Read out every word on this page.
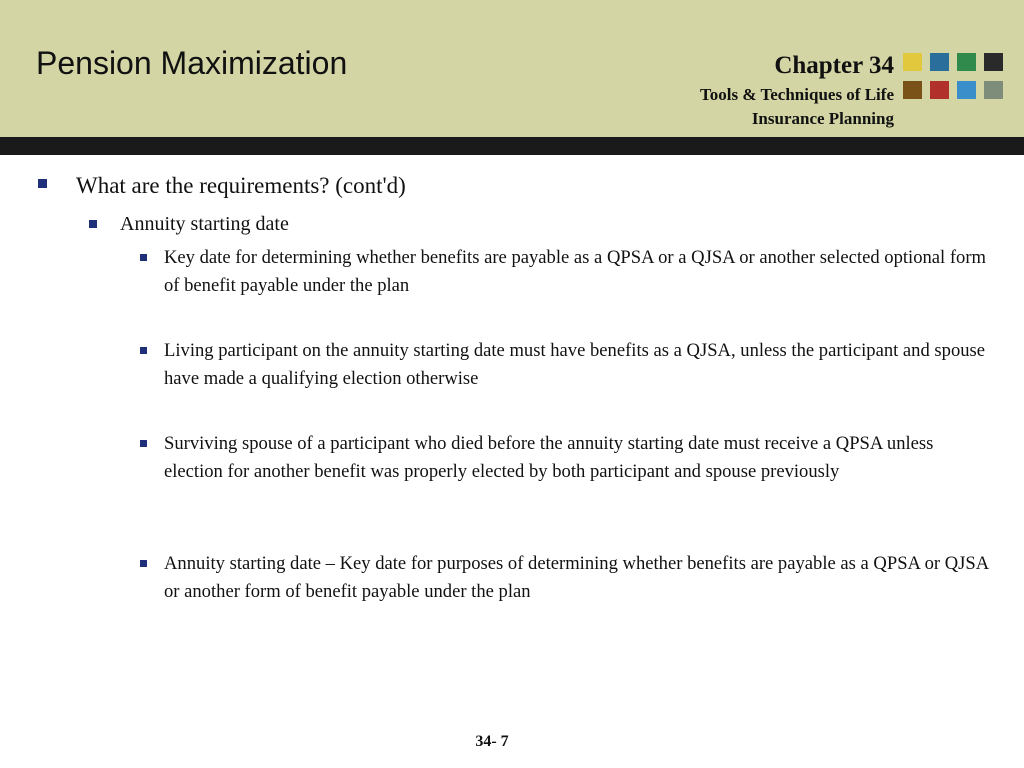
Pension Maximization	Chapter 34
Tools & Techniques of Life
Insurance Planning
What are the requirements? (cont'd)
Annuity starting date
Key date for determining whether benefits are payable as a QPSA or a QJSA or another selected optional form of benefit payable under the plan
Living participant on the annuity starting date must have benefits as a QJSA, unless the participant and spouse have made a qualifying election otherwise
Surviving spouse of a participant who died before the annuity starting date must receive a QPSA unless election for another benefit was properly elected by both participant and spouse previously
Annuity starting date – Key date for purposes of determining whether benefits are payable as a QPSA or QJSA or another form of benefit payable under the plan
34- 7
